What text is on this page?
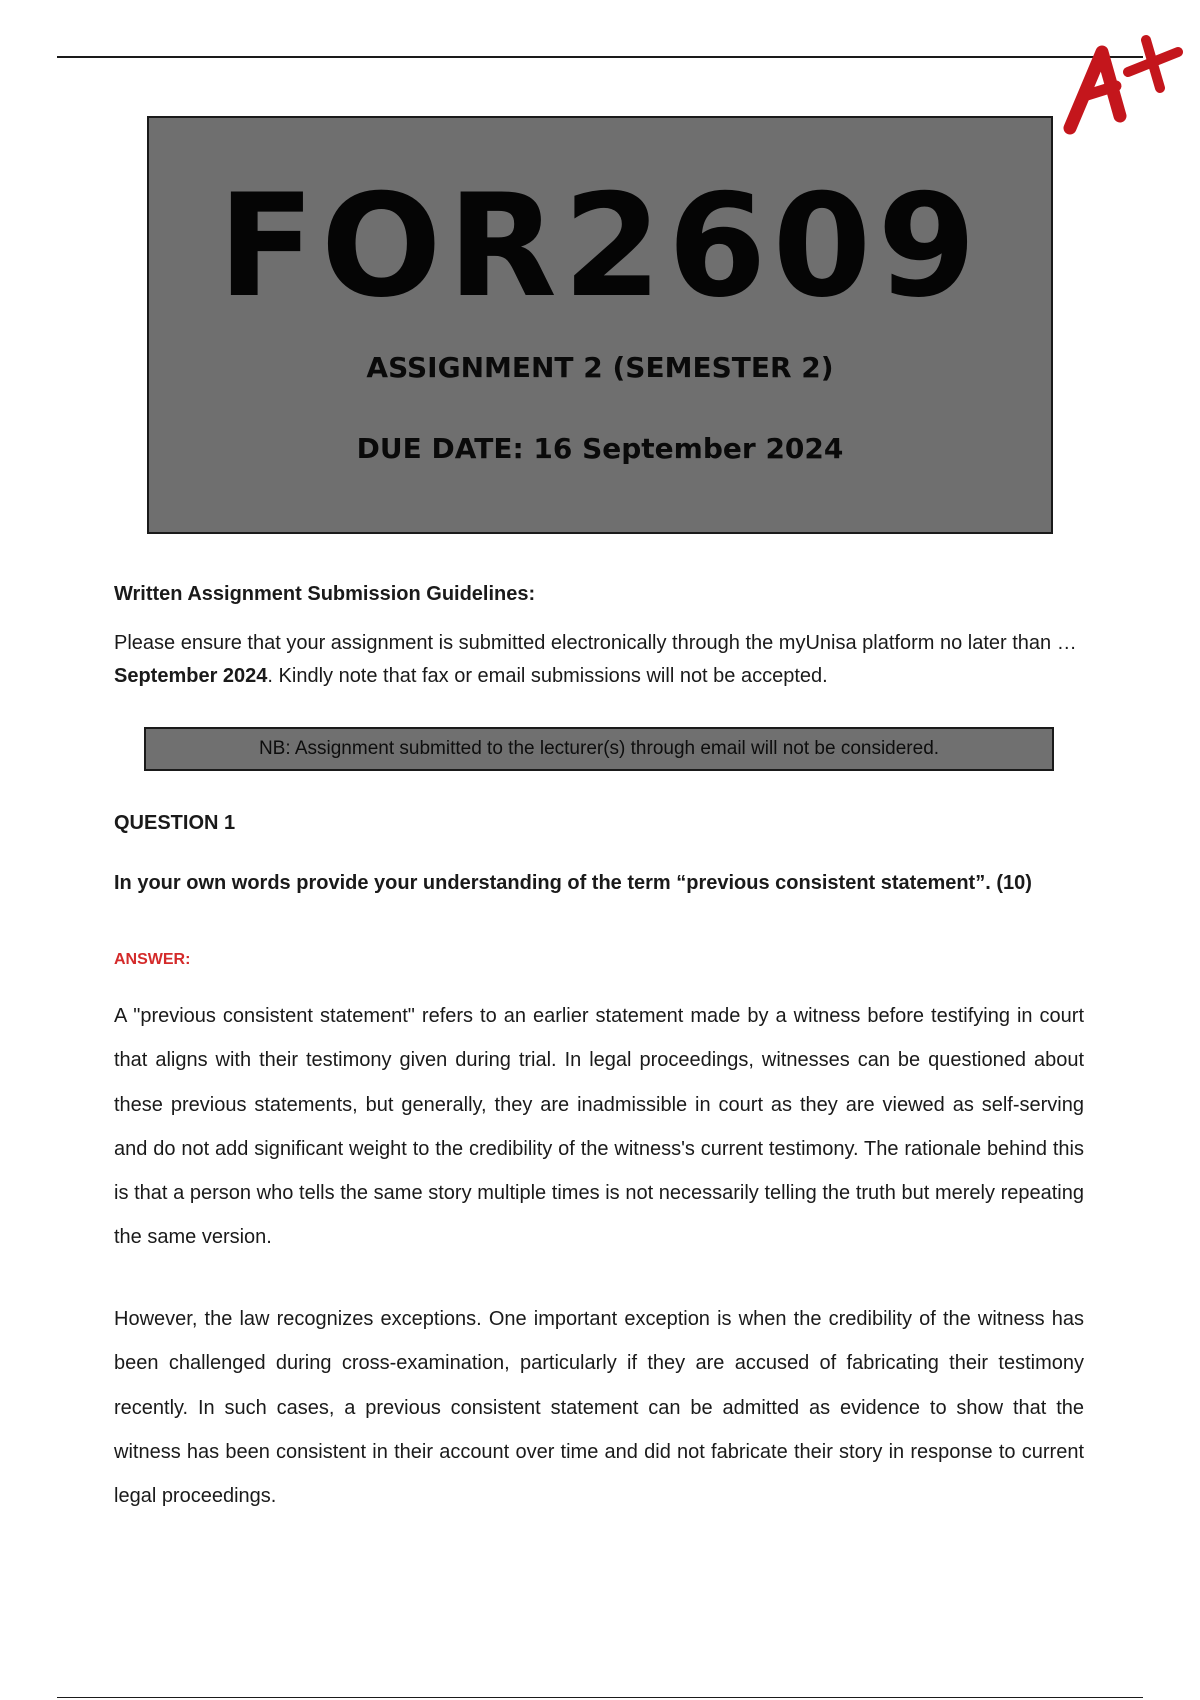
FOR2609
ASSIGNMENT 2 (SEMESTER 2)
DUE DATE: 16 September 2024
Written Assignment Submission Guidelines:
Please ensure that your assignment is submitted electronically through the myUnisa platform no later than …September 2024. Kindly note that fax or email submissions will not be accepted.
NB: Assignment submitted to the lecturer(s) through email will not be considered.
QUESTION 1
In your own words provide your understanding of the term “previous consistent statement”. (10)
ANSWER:
A "previous consistent statement" refers to an earlier statement made by a witness before testifying in court that aligns with their testimony given during trial. In legal proceedings, witnesses can be questioned about these previous statements, but generally, they are inadmissible in court as they are viewed as self-serving and do not add significant weight to the credibility of the witness's current testimony. The rationale behind this is that a person who tells the same story multiple times is not necessarily telling the truth but merely repeating the same version.
However, the law recognizes exceptions. One important exception is when the credibility of the witness has been challenged during cross-examination, particularly if they are accused of fabricating their testimony recently. In such cases, a previous consistent statement can be admitted as evidence to show that the witness has been consistent in their account over time and did not fabricate their story in response to current legal proceedings.
